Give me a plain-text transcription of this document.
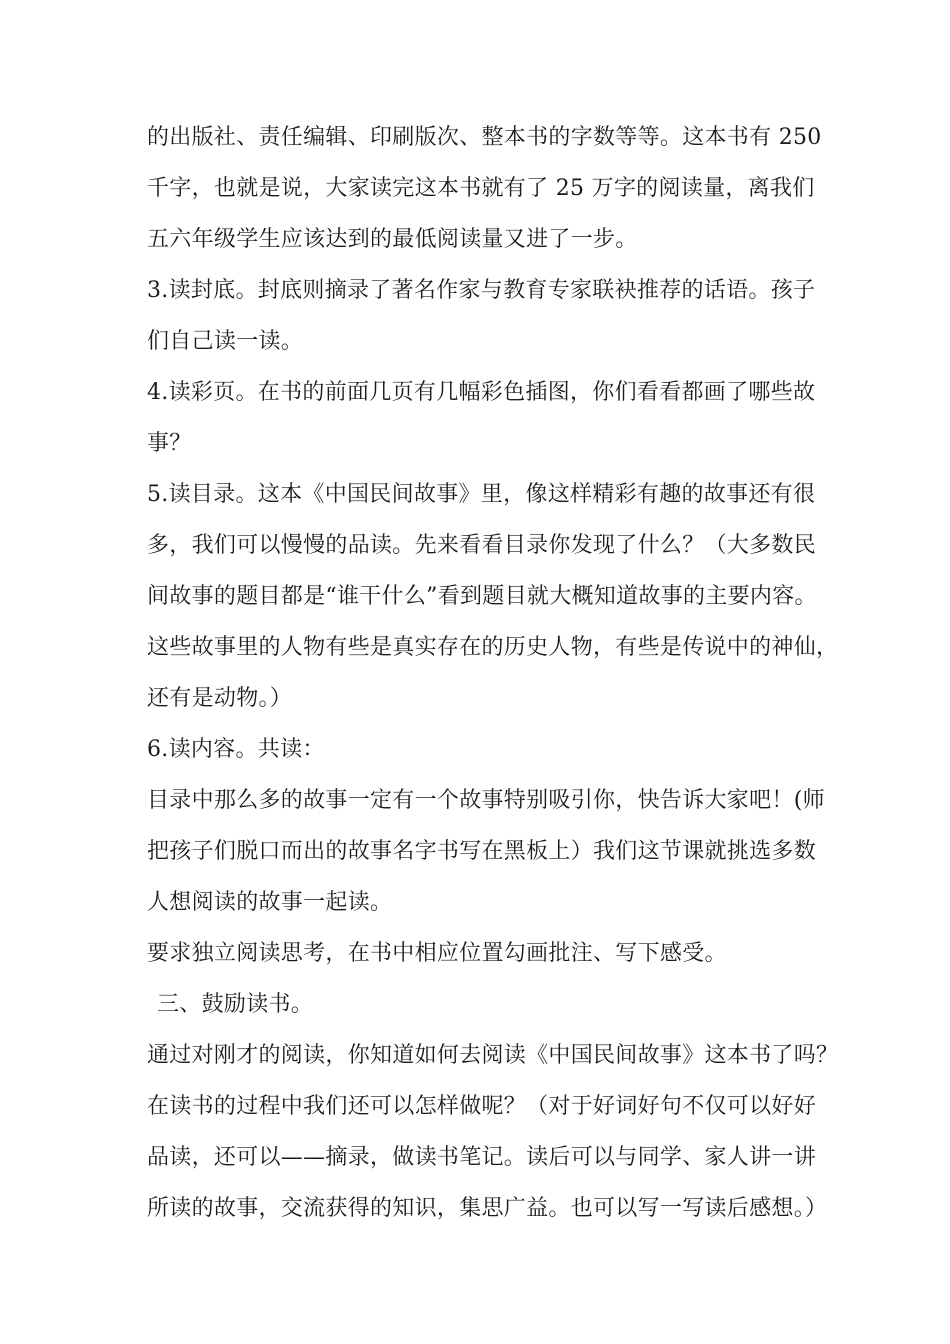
的出版社、责任编辑、印刷版次、整本书的字数等等。这本书有 250
千字，也就是说，大家读完这本书就有了 25 万字的阅读量，离我们
五六年级学生应该达到的最低阅读量又进了一步。
3.读封底。封底则摘录了著名作家与教育专家联袂推荐的话语。孩子
们自己读一读。
4.读彩页。在书的前面几页有几幅彩色插图，你们看看都画了哪些故
事？
5.读目录。这本《中国民间故事》里，像这样精彩有趣的故事还有很
多，我们可以慢慢的品读。先来看看目录你发现了什么？（大多数民
间故事的题目都是“谁干什么”看到题目就大概知道故事的主要内容。
这些故事里的人物有些是真实存在的历史人物，有些是传说中的神仙，
还有是动物。）
6.读内容。共读：
目录中那么多的故事一定有一个故事特别吸引你，快告诉大家吧！(师
把孩子们脱口而出的故事名字书写在黑板上）我们这节课就挑选多数
人想阅读的故事一起读。
要求独立阅读思考，在书中相应位置勾画批注、写下感受。
三、鼓励读书。
通过对刚才的阅读，你知道如何去阅读《中国民间故事》这本书了吗？
在读书的过程中我们还可以怎样做呢？（对于好词好句不仅可以好好
品读，还可以——摘录，做读书笔记。读后可以与同学、家人讲一讲
所读的故事，交流获得的知识，集思广益。也可以写一写读后感想。）
